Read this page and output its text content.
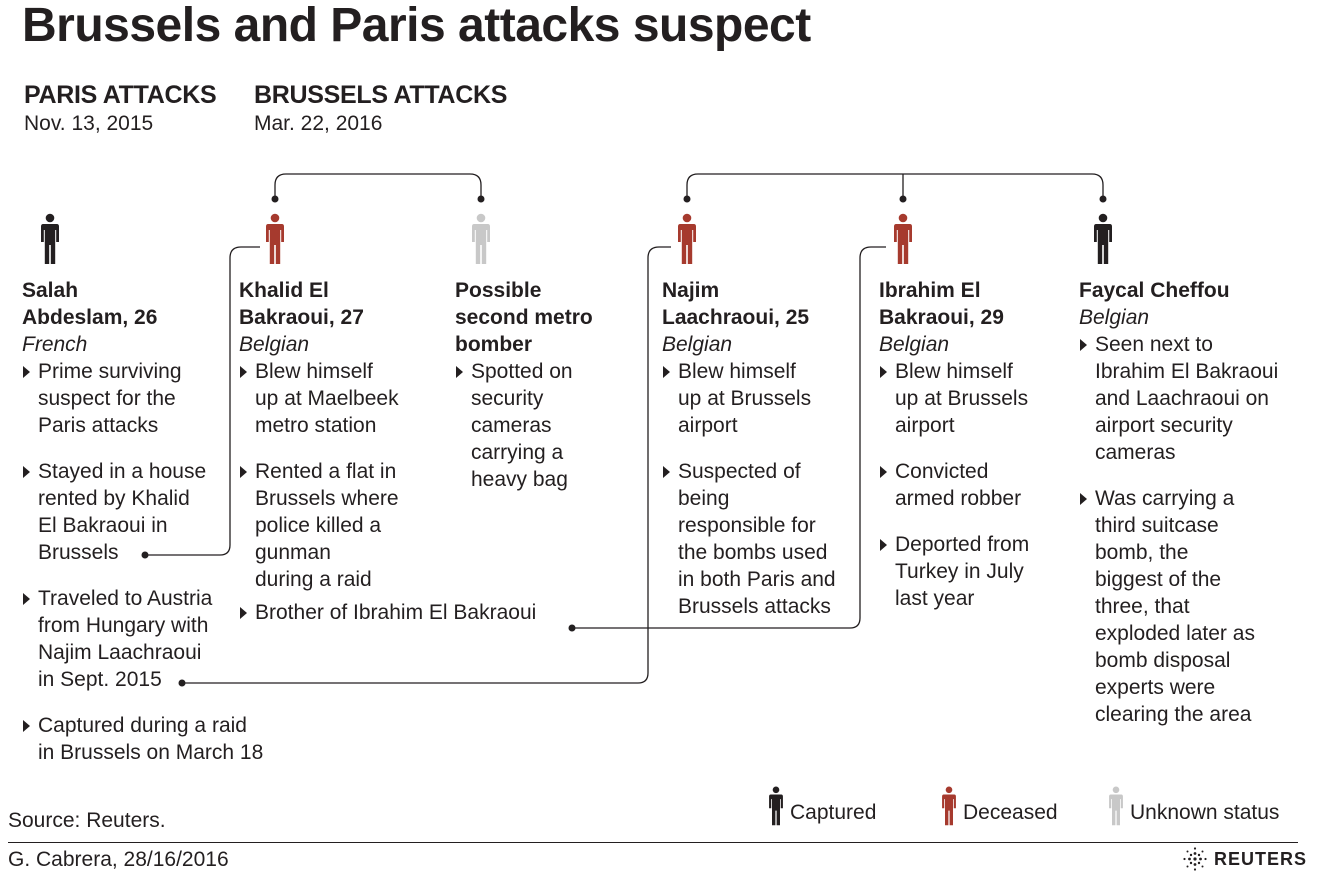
Brussels and Paris attacks suspect
PARIS ATTACKS
Nov. 13, 2015
BRUSSELS ATTACKS
Mar. 22, 2016
Salah
Abdeslam, 26
French
Prime surviving
suspect for the
Paris attacks
Stayed in a house
rented by Khalid
El Bakraoui in
Brussels
Traveled to Austria
from Hungary with
Najim Laachraoui
in Sept. 2015
Captured during a raid
in Brussels on March 18
Khalid El
Bakraoui, 27
Belgian
Blew himself
up at Maelbeek
metro station
Rented a flat in
Brussels where
police killed a
gunman
during a raid
Brother of Ibrahim El Bakraoui
Possible
second metro
bomber
Spotted on
security
cameras
carrying a
heavy bag
Najim
Laachraoui, 25
Belgian
Blew himself
up at Brussels
airport
Suspected of
being
responsible for
the bombs used
in both Paris and
Brussels attacks
Ibrahim El
Bakraoui, 29
Belgian
Blew himself
up at Brussels
airport
Convicted
armed robber
Deported from
Turkey in July
last year
Faycal Cheffou
Belgian
Seen next to
Ibrahim El Bakraoui
and Laachraoui on
airport security
cameras
Was carrying a
third suitcase
bomb, the
biggest of the
three, that
exploded later as
bomb disposal
experts were
clearing the area
Captured	Deceased	Unknown status
Source: Reuters.
G. Cabrera, 28/16/2016	REUTERS
